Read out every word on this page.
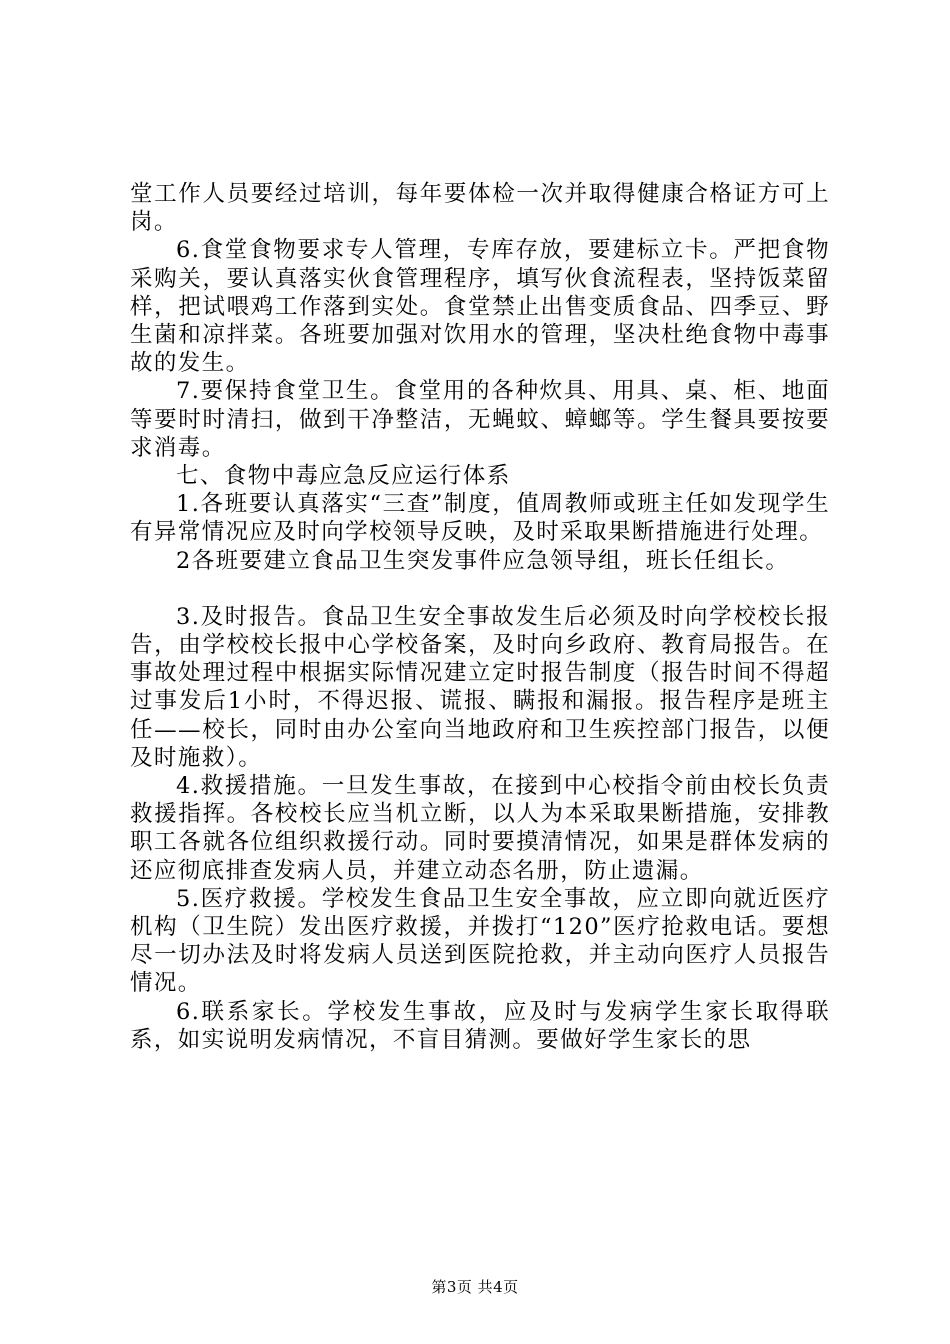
堂工作人员要经过培训，每年要体检一次并取得健康合格证方可上岗。

6.食堂食物要求专人管理，专库存放，要建标立卡。严把食物采购关，要认真落实伙食管理程序，填写伙食流程表，坚持饭菜留样，把试喂鸡工作落到实处。食堂禁止出售变质食品、四季豆、野生菌和凉拌菜。各班要加强对饮用水的管理，坚决杜绝食物中毒事故的发生。

7.要保持食堂卫生。食堂用的各种炊具、用具、桌、柜、地面等要时时清扫，做到干净整洁，无蝇蚊、蟑螂等。学生餐具要按要求消毒。

七、食物中毒应急反应运行体系

1.各班要认真落实“三查”制度，值周教师或班主任如发现学生有异常情况应及时向学校领导反映，及时采取果断措施进行处理。

2各班要建立食品卫生突发事件应急领导组，班长任组长。

3.及时报告。食品卫生安全事故发生后必须及时向学校校长报告，由学校校长报中心学校备案，及时向乡政府、教育局报告。在事故处理过程中根据实际情况建立定时报告制度（报告时间不得超过事发后1小时，不得迟报、谎报、瞒报和漏报。报告程序是班主任——校长，同时由办公室向当地政府和卫生疾控部门报告，以便及时施救）。

4.救援措施。一旦发生事故，在接到中心校指令前由校长负责救援指挥。各校校长应当机立断，以人为本采取果断措施，安排教职工各就各位组织救援行动。同时要摸清情况，如果是群体发病的还应彻底排查发病人员，并建立动态名册，防止遗漏。

5.医疗救援。学校发生食品卫生安全事故，应立即向就近医疗机构（卫生院）发出医疗救援，并拨打“120”医疗抢救电话。要想尽一切办法及时将发病人员送到医院抢救，并主动向医疗人员报告情况。

6.联系家长。学校发生事故，应及时与发病学生家长取得联系，如实说明发病情况，不盲目猜测。要做好学生家长的思

第3页 共4页
